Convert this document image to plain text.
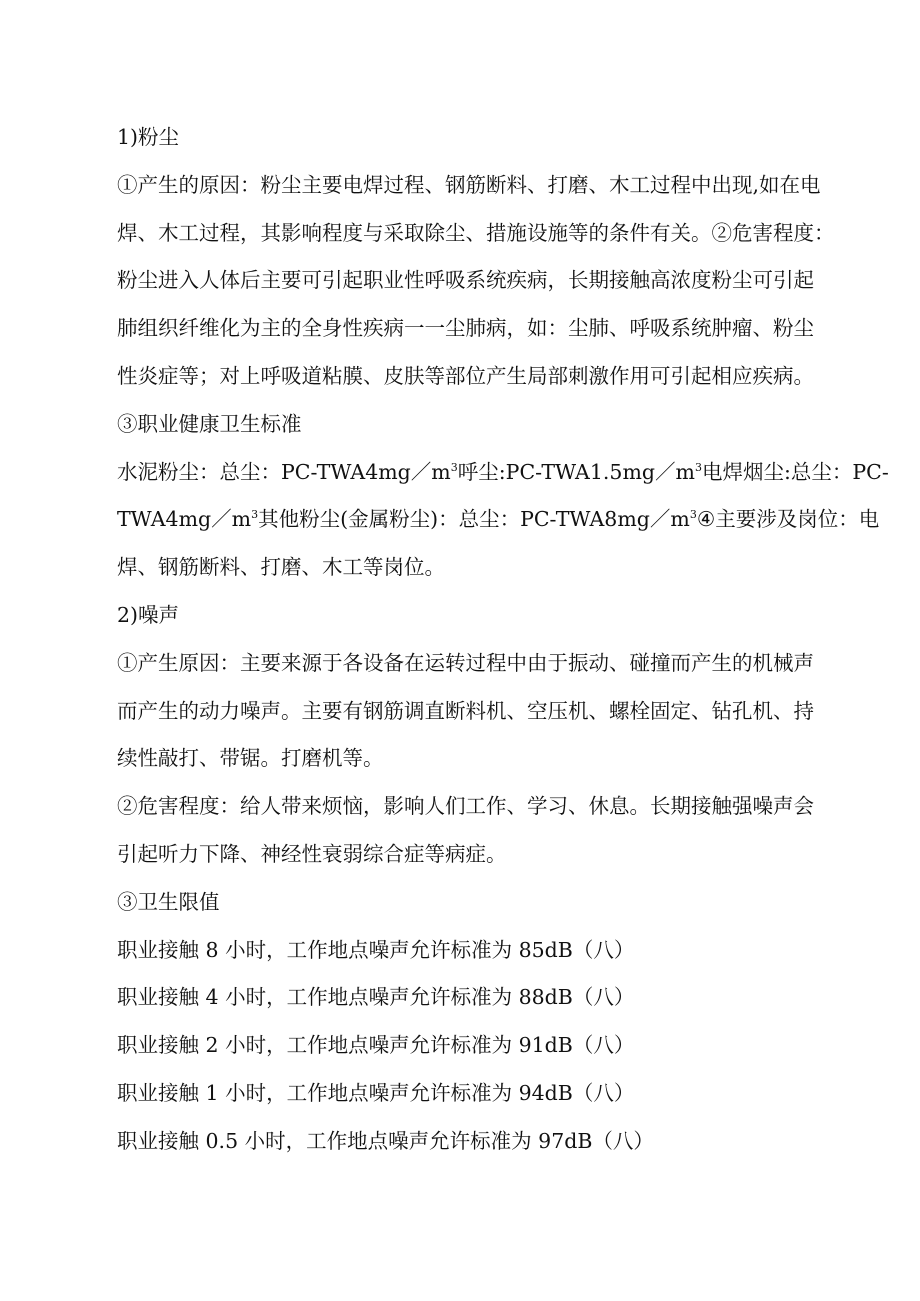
1)粉尘
①产生的原因：粉尘主要电焊过程、钢筋断料、打磨、木工过程中出现,如在电
焊、木工过程，其影响程度与采取除尘、措施设施等的条件有关。②危害程度：
粉尘进入人体后主要可引起职业性呼吸系统疾病，长期接触高浓度粉尘可引起
肺组织纤维化为主的全身性疾病一一尘肺病，如：尘肺、呼吸系统肿瘤、粉尘
性炎症等；对上呼吸道粘膜、皮肤等部位产生局部刺激作用可引起相应疾病。
③职业健康卫生标准
水泥粉尘：总尘：$PC-TWA4mg/m^3$呼尘$:PC-TWA1.5mg/m^3$电焊烟尘:总尘：PC-
$TWA4mg/m^3$其他粉尘(金属粉尘)：总尘：$PC-TWA8mg/m^3④$主要涉及岗位：电
焊、钢筋断料、打磨、木工等岗位。
2)噪声
①产生原因：主要来源于各设备在运转过程中由于振动、碰撞而产生的机械声
而产生的动力噪声。主要有钢筋调直断料机、空压机、螺栓固定、钻孔机、持
续性敲打、带锯。打磨机等。
②危害程度：给人带来烦恼，影响人们工作、学习、休息。长期接触强噪声会
引起听力下降、神经性衰弱综合症等病症。
③卫生限值
职业接触 8 小时，工作地点噪声允许标准为 85dB（八）
职业接触 4 小时，工作地点噪声允许标准为 88dB（八）
职业接触 2 小时，工作地点噪声允许标准为 91dB（八）
职业接触 1 小时，工作地点噪声允许标准为 94dB（八）
职业接触 0.5 小时，工作地点噪声允许标准为 97dB（八）
